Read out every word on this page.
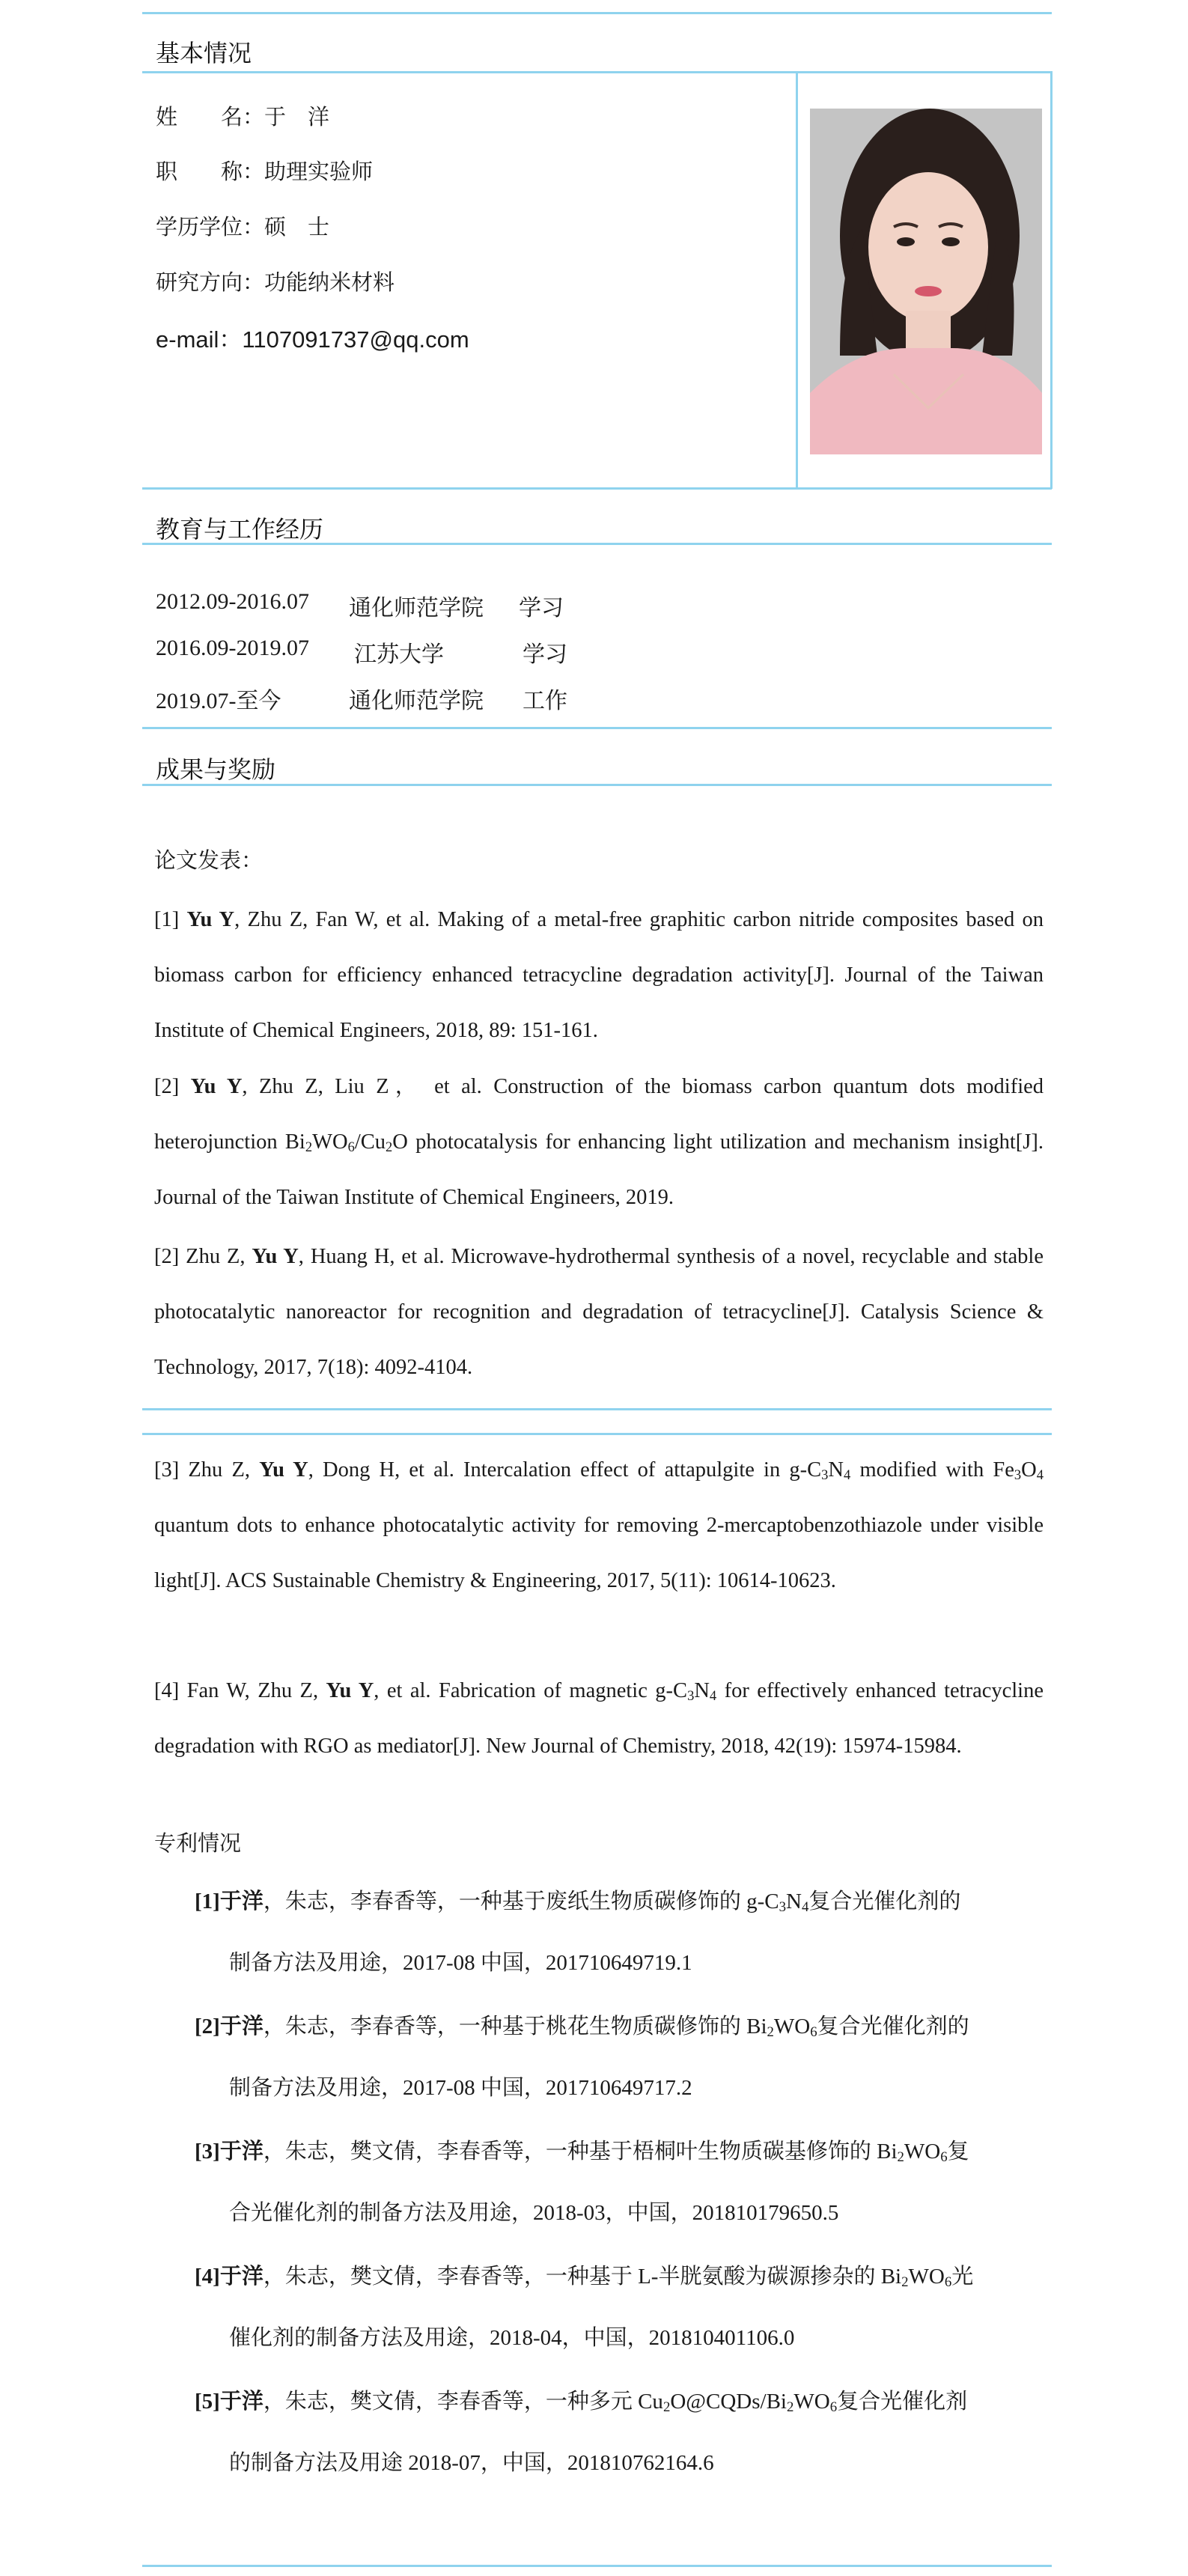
基本情况
教育与工作经历
成果与奖励
姓　　名：于　洋
职　　称：助理实验师
学历学位：硕　士
研究方向：功能纳米材料
e-mail：1107091737@qq.com
2012.09-2016.07 通化师范学院 学习
2016.09-2019.07 江苏大学	学习
2019.07-至今	通化师范学院 工作
论文发表：
[1] Yu Y, Zhu Z, Fan W, et al. Making of a metal-free graphitic carbon nitride composites based on biomass carbon for efficiency enhanced tetracycline degradation activity[J]. Journal of the Taiwan Institute of Chemical Engineers, 2018, 89: 151-161.
[2] Yu Y, Zhu Z, Liu Z， et al. Construction of the biomass carbon quantum dots modified heterojunction $Bi_2WO_6/Cu_2O$ photocatalysis for enhancing light utilization and mechanism insight[J]. Journal of the Taiwan Institute of Chemical Engineers, 2019.
[2] Zhu Z, Yu Y, Huang H, et al. Microwave-hydrothermal synthesis of a novel, recyclable and stable photocatalytic nanoreactor for recognition and degradation of tetracycline[J]. Catalysis Science & Technology, 2017, 7(18): 4092-4104.
[3] Zhu Z, Yu Y, Dong H, et al. Intercalation effect of attapulgite in $g-C_3N_4$ modified with $Fe_3O_4$ quantum dots to enhance photocatalytic activity for removing 2-mercaptobenzothiazole under visible light[J]. ACS Sustainable Chemistry & Engineering, 2017, 5(11): 10614-10623.
[4] Fan W, Zhu Z, Yu Y, et al. Fabrication of magnetic $g-C_3N_4$ for effectively enhanced tetracycline degradation with RGO as mediator[J]. New Journal of Chemistry, 2018, 42(19): 15974-15984.
专利情况
[1]于洋，朱志，李春香等，一种基于废纸生物质碳修饰的 $g-C_3N_4$复合光催化剂的
制备方法及用途，2017-08 中国，201710649719.1
[2]于洋，朱志，李春香等，一种基于桃花生物质碳修饰的 $Bi_2WO_6$复合光催化剂的
制备方法及用途，2017-08 中国，201710649717.2
[3]于洋，朱志，樊文倩，李春香等，一种基于梧桐叶生物质碳基修饰的 $Bi_2WO_6$复
合光催化剂的制备方法及用途，2018-03，中国，201810179650.5
[4]于洋，朱志，樊文倩，李春香等，一种基于 L-半胱氨酸为碳源掺杂的 $Bi_2WO_6$光
催化剂的制备方法及用途，2018-04，中国，201810401106.0
[5]于洋，朱志，樊文倩，李春香等，一种多元 $Cu_2O@CQDs/Bi_2WO_6$复合光催化剂
的制备方法及用途 2018-07，中国，201810762164.6
